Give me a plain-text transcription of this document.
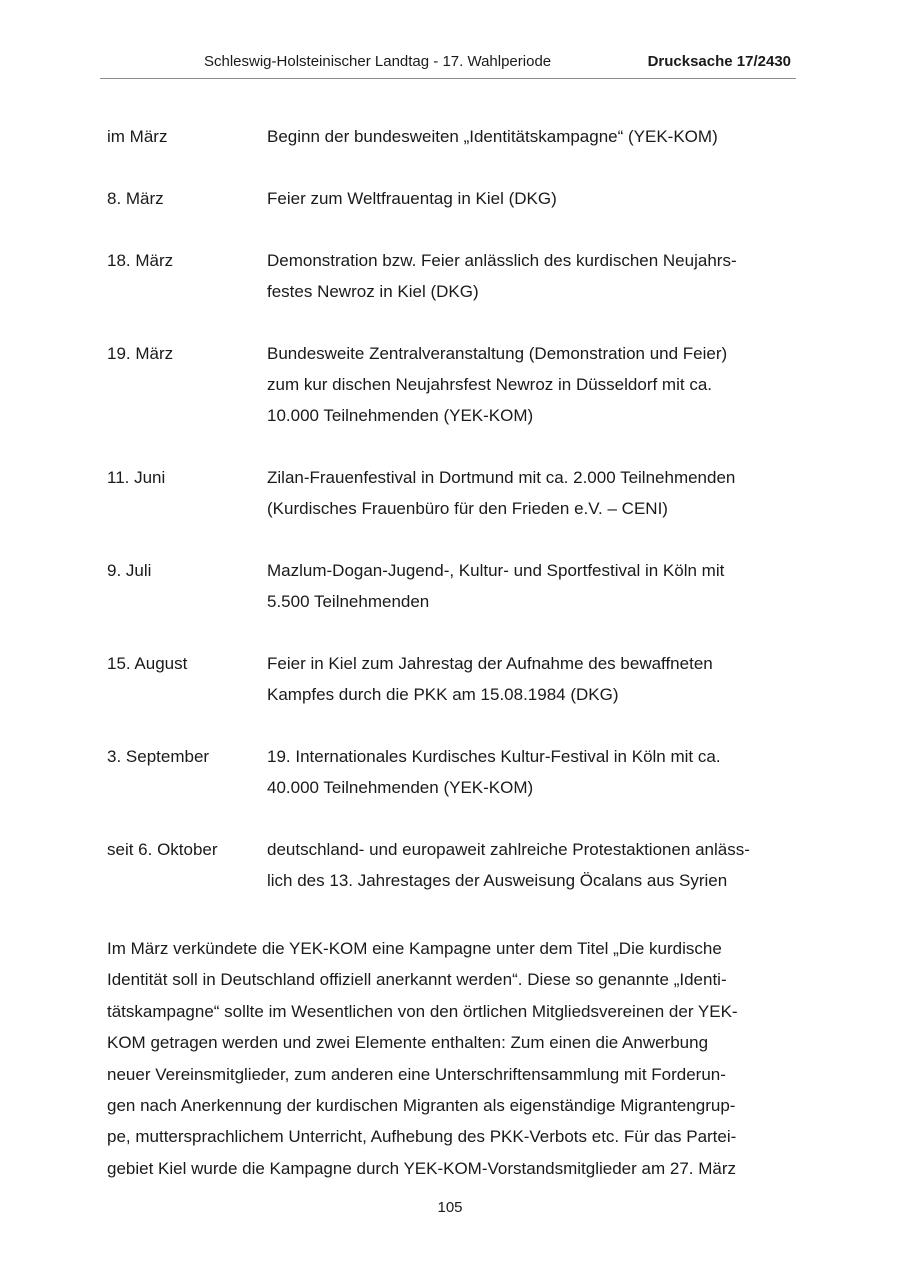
Schleswig-Holsteinischer Landtag - 17. Wahlperiode	Drucksache 17/2430
im März	Beginn der bundesweiten „Identitätskampagne“ (YEK-KOM)
8. März	Feier zum Weltfrauentag in Kiel (DKG)
18. März	Demonstration bzw. Feier anlässlich des kurdischen Neujahrs-
festes Newroz in Kiel (DKG)
19. März	Bundesweite Zentralveranstaltung (Demonstration und Feier)
zum kur dischen Neujahrsfest Newroz in Düsseldorf mit ca.
10.000 Teilnehmenden (YEK-KOM)
11. Juni	Zilan-Frauenfestival in Dortmund mit ca. 2.000 Teilnehmenden
(Kurdisches Frauenbüro für den Frieden e.V. – CENI)
9. Juli	Mazlum-Dogan-Jugend-, Kultur- und Sportfestival in Köln mit
5.500 Teilnehmenden
15. August	Feier in Kiel zum Jahrestag der Aufnahme des bewaffneten
Kampfes durch die PKK am 15.08.1984 (DKG)
3. September	19. Internationales Kurdisches Kultur-Festival in Köln mit ca.
40.000 Teilnehmenden (YEK-KOM)
seit 6. Oktober	deutschland- und europaweit zahlreiche Protestaktionen anläss-
lich des 13. Jahrestages der Ausweisung Öcalans aus Syrien
Im März verkündete die YEK-KOM eine Kampagne unter dem Titel „Die kurdische
Identität soll in Deutschland offiziell anerkannt werden“. Diese so genannte „Identi-
tätskampagne“ sollte im Wesentlichen von den örtlichen Mitgliedsvereinen der YEK-
KOM getragen werden und zwei Elemente enthalten: Zum einen die Anwerbung
neuer Vereinsmitglieder, zum anderen eine Unterschriftensammlung mit Forderun-
gen nach Anerkennung der kurdischen Migranten als eigenständige Migrantengrup-
pe, muttersprachlichem Unterricht, Aufhebung des PKK-Verbots etc. Für das Partei-
gebiet Kiel wurde die Kampagne durch YEK-KOM-Vorstandsmitglieder am 27. März
105
